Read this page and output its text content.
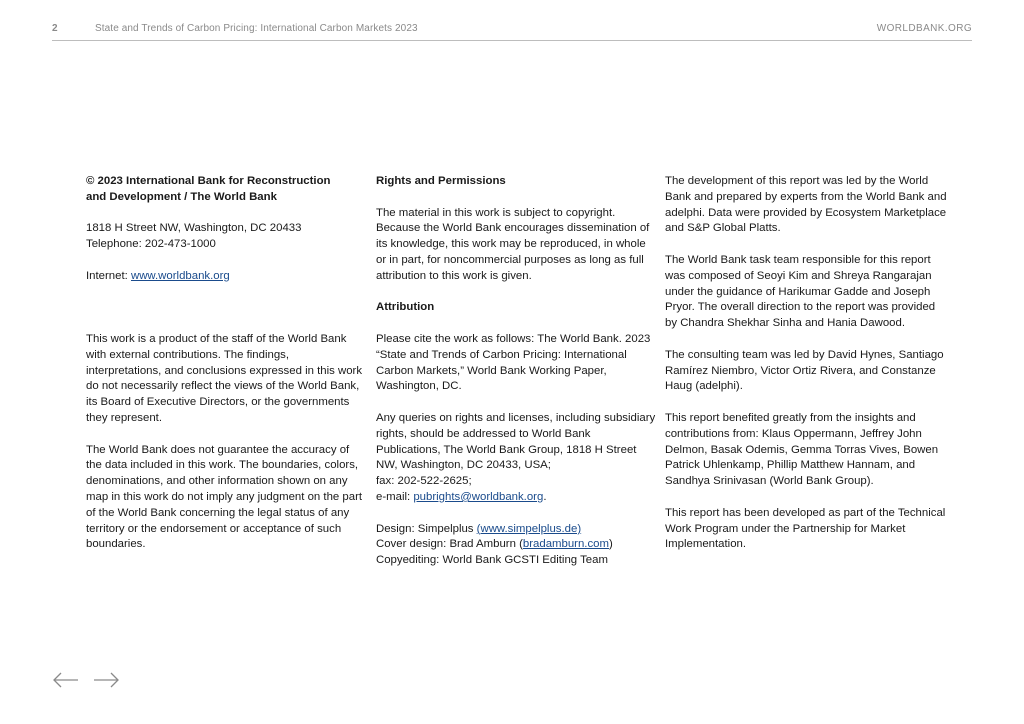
2	State and Trends of Carbon Pricing: International Carbon Markets 2023	WORLDBANK.ORG

© 2023 International Bank for Reconstruction
and Development / The World Bank

1818 H Street NW, Washington, DC 20433
Telephone: 202-473-1000

Internet: www.worldbank.org

This work is a product of the staff of the World Bank with external contributions. The findings, interpretations, and conclusions expressed in this work do not necessarily reflect the views of the World Bank, its Board of Executive Directors, or the governments they represent.

The World Bank does not guarantee the accuracy of the data included in this work. The boundaries, colors, denominations, and other information shown on any map in this work do not imply any judgment on the part of the World Bank concerning the legal status of any territory or the endorsement or acceptance of such boundaries.

Rights and Permissions

The material in this work is subject to copyright. Because the World Bank encourages dissemination of its knowledge, this work may be reproduced, in whole or in part, for noncommercial purposes as long as full attribution to this work is given.

Attribution

Please cite the work as follows: The World Bank. 2023 “State and Trends of Carbon Pricing: International Carbon Markets,” World Bank Working Paper, Washington, DC.

Any queries on rights and licenses, including subsidiary rights, should be addressed to World Bank Publications, The World Bank Group, 1818 H Street NW, Washington, DC 20433, USA;
fax: 202-522-2625;
e-mail: pubrights@worldbank.org.

Design: Simpelplus (www.simpelplus.de)
Cover design: Brad Amburn (bradamburn.com)
Copyediting: World Bank GCSTI Editing Team

The development of this report was led by the World Bank and prepared by experts from the World Bank and adelphi. Data were provided by Ecosystem Marketplace and S&P Global Platts.

The World Bank task team responsible for this report was composed of Seoyi Kim and Shreya Rangarajan under the guidance of Harikumar Gadde and Joseph Pryor. The overall direction to the report was provided by Chandra Shekhar Sinha and Hania Dawood.

The consulting team was led by David Hynes, Santiago Ramírez Niembro, Victor Ortiz Rivera, and Constanze Haug (adelphi).

This report benefited greatly from the insights and contributions from: Klaus Oppermann, Jeffrey John Delmon, Basak Odemis, Gemma Torras Vives, Bowen Patrick Uhlenkamp, Phillip Matthew Hannam, and Sandhya Srinivasan (World Bank Group).

This report has been developed as part of the Technical Work Program under the Partnership for Market Implementation.
